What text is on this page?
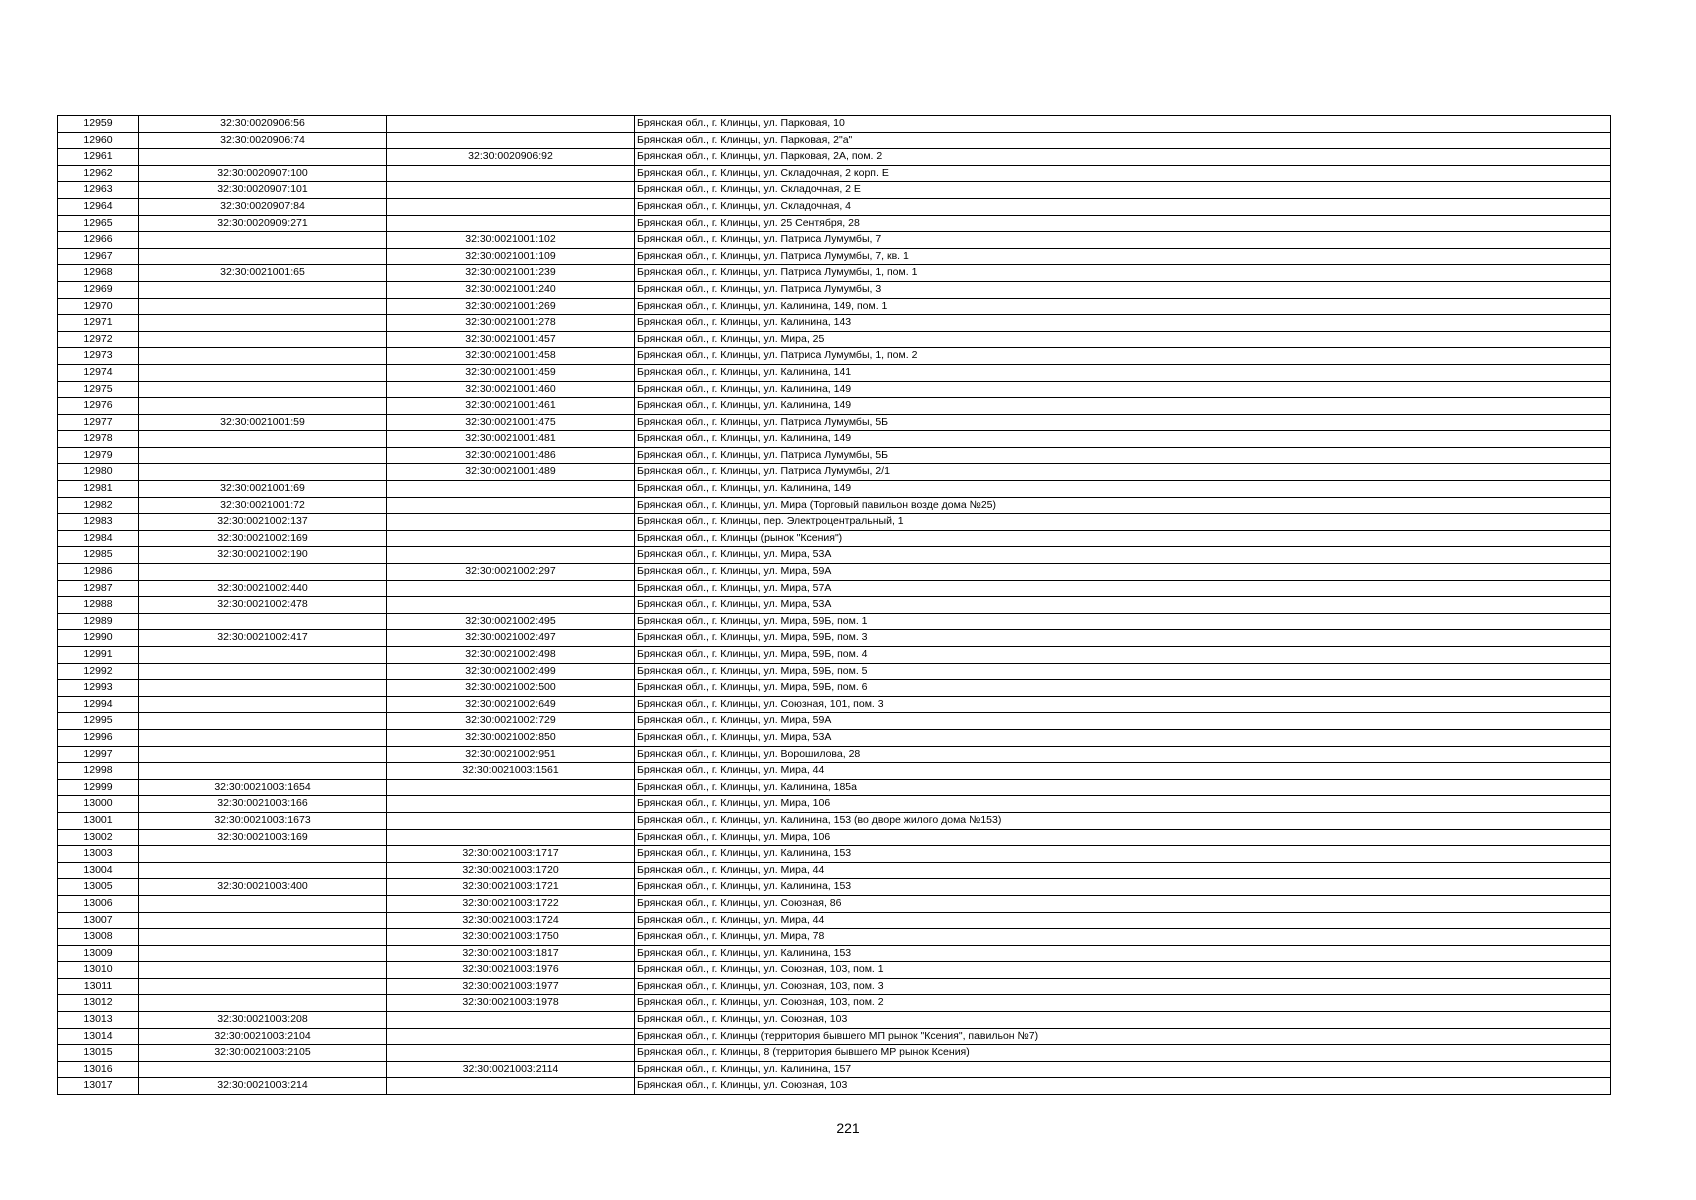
12959	32:30:0020906:56		Брянская обл., г. Клинцы, ул. Парковая, 10
12960	32:30:0020906:74		Брянская обл., г. Клинцы, ул. Парковая, 2"а"
12961		32:30:0020906:92	Брянская обл., г. Клинцы, ул. Парковая, 2А, пом. 2
12962	32:30:0020907:100		Брянская обл., г. Клинцы, ул. Складочная, 2 корп. Е
12963	32:30:0020907:101		Брянская обл., г. Клинцы, ул. Складочная, 2 Е
12964	32:30:0020907:84		Брянская обл., г. Клинцы, ул. Складочная, 4
12965	32:30:0020909:271		Брянская обл., г. Клинцы, ул. 25 Сентября, 28
12966		32:30:0021001:102	Брянская обл., г. Клинцы, ул. Патриса Лумумбы, 7
12967		32:30:0021001:109	Брянская обл., г. Клинцы, ул. Патриса Лумумбы, 7, кв. 1
12968	32:30:0021001:65	32:30:0021001:239	Брянская обл., г. Клинцы, ул. Патриса Лумумбы, 1, пом. 1
12969		32:30:0021001:240	Брянская обл., г. Клинцы, ул. Патриса Лумумбы, 3
12970		32:30:0021001:269	Брянская обл., г. Клинцы, ул. Калинина, 149, пом. 1
12971		32:30:0021001:278	Брянская обл., г. Клинцы, ул. Калинина, 143
12972		32:30:0021001:457	Брянская обл., г. Клинцы, ул. Мира, 25
12973		32:30:0021001:458	Брянская обл., г. Клинцы, ул. Патриса Лумумбы, 1, пом. 2
12974		32:30:0021001:459	Брянская обл., г. Клинцы, ул. Калинина, 141
12975		32:30:0021001:460	Брянская обл., г. Клинцы, ул. Калинина, 149
12976		32:30:0021001:461	Брянская обл., г. Клинцы, ул. Калинина, 149
12977	32:30:0021001:59	32:30:0021001:475	Брянская обл., г. Клинцы, ул. Патриса Лумумбы, 5Б
12978		32:30:0021001:481	Брянская обл., г. Клинцы, ул. Калинина, 149
12979		32:30:0021001:486	Брянская обл., г. Клинцы, ул. Патриса Лумумбы, 5Б
12980		32:30:0021001:489	Брянская обл., г. Клинцы, ул. Патриса Лумумбы, 2/1
12981	32:30:0021001:69		Брянская обл., г. Клинцы, ул. Калинина, 149
12982	32:30:0021001:72		Брянская обл., г. Клинцы, ул. Мира (Торговый павильон возде дома №25)
12983	32:30:0021002:137		Брянская обл., г. Клинцы, пер. Электроцентральный, 1
12984	32:30:0021002:169		Брянская обл., г. Клинцы (рынок "Ксения")
12985	32:30:0021002:190		Брянская обл., г. Клинцы, ул. Мира, 53А
12986		32:30:0021002:297	Брянская обл., г. Клинцы, ул. Мира, 59А
12987	32:30:0021002:440		Брянская обл., г. Клинцы, ул. Мира, 57А
12988	32:30:0021002:478		Брянская обл., г. Клинцы, ул. Мира, 53А
12989		32:30:0021002:495	Брянская обл., г. Клинцы, ул. Мира, 59Б, пом. 1
12990	32:30:0021002:417	32:30:0021002:497	Брянская обл., г. Клинцы, ул. Мира, 59Б, пом. 3
12991		32:30:0021002:498	Брянская обл., г. Клинцы, ул. Мира, 59Б, пом. 4
12992		32:30:0021002:499	Брянская обл., г. Клинцы, ул. Мира, 59Б, пом. 5
12993		32:30:0021002:500	Брянская обл., г. Клинцы, ул. Мира, 59Б, пом. 6
12994		32:30:0021002:649	Брянская обл., г. Клинцы, ул. Союзная, 101, пом. 3
12995		32:30:0021002:729	Брянская обл., г. Клинцы, ул. Мира, 59А
12996		32:30:0021002:850	Брянская обл., г. Клинцы, ул. Мира, 53А
12997		32:30:0021002:951	Брянская обл., г. Клинцы, ул. Ворошилова, 28
12998		32:30:0021003:1561	Брянская обл., г. Клинцы, ул. Мира, 44
12999	32:30:0021003:1654		Брянская обл., г. Клинцы, ул. Калинина, 185а
13000	32:30:0021003:166		Брянская обл., г. Клинцы, ул. Мира, 106
13001	32:30:0021003:1673		Брянская обл., г. Клинцы, ул. Калинина, 153 (во дворе жилого дома №153)
13002	32:30:0021003:169		Брянская обл., г. Клинцы, ул. Мира, 106
13003		32:30:0021003:1717	Брянская обл., г. Клинцы, ул. Калинина, 153
13004		32:30:0021003:1720	Брянская обл., г. Клинцы, ул. Мира, 44
13005	32:30:0021003:400	32:30:0021003:1721	Брянская обл., г. Клинцы, ул. Калинина, 153
13006		32:30:0021003:1722	Брянская обл., г. Клинцы, ул. Союзная, 86
13007		32:30:0021003:1724	Брянская обл., г. Клинцы, ул. Мира, 44
13008		32:30:0021003:1750	Брянская обл., г. Клинцы, ул. Мира, 78
13009		32:30:0021003:1817	Брянская обл., г. Клинцы, ул. Калинина, 153
13010		32:30:0021003:1976	Брянская обл., г. Клинцы, ул. Союзная, 103, пом. 1
13011		32:30:0021003:1977	Брянская обл., г. Клинцы, ул. Союзная, 103, пом. 3
13012		32:30:0021003:1978	Брянская обл., г. Клинцы, ул. Союзная, 103, пом. 2
13013	32:30:0021003:208		Брянская обл., г. Клинцы, ул. Союзная, 103
13014	32:30:0021003:2104		Брянская обл., г. Клинцы (территория бывшего МП рынок "Ксения", павильон №7)
13015	32:30:0021003:2105		Брянская обл., г. Клинцы, 8 (территория бывшего МР рынок Ксения)
13016		32:30:0021003:2114	Брянская обл., г. Клинцы, ул. Калинина, 157
13017	32:30:0021003:214		Брянская обл., г. Клинцы, ул. Союзная, 103
221
